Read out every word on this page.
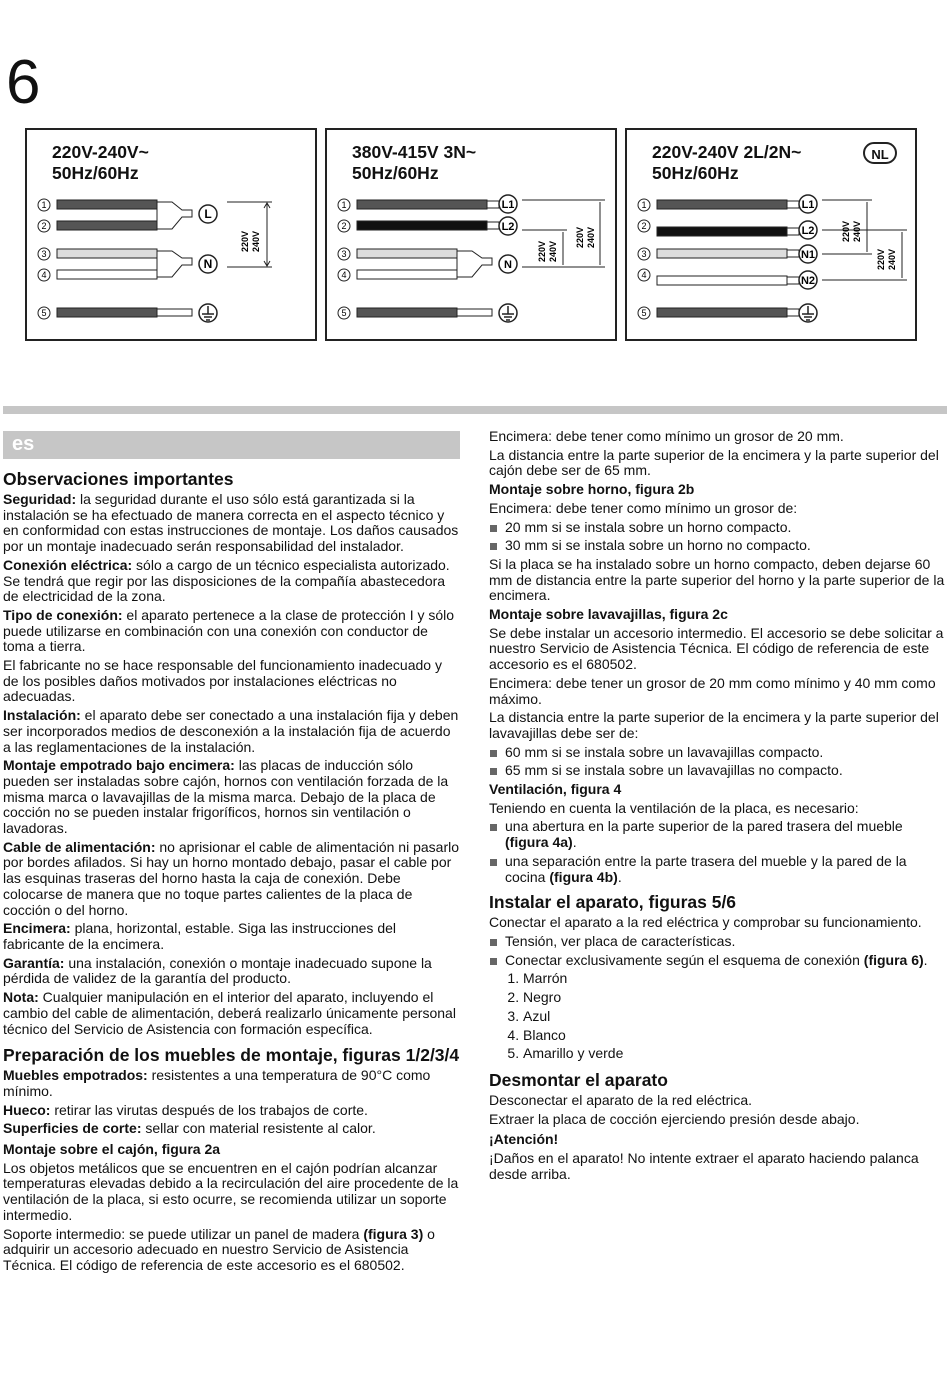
6
220V-240V~
50Hz/60Hz
1
2
3
4
5
L
N
220V 240V
380V-415V 3N~
50Hz/60Hz
1
2
3
4
5
L1
L2
N
220V 240V
220V 240V
220V-240V 2L/2N~
50Hz/60Hz
NL
1
2
3
4
5
L1
L2
N1
N2
220V 240V
220V 240V
es
Observaciones importantes

Seguridad: la seguridad durante el uso sólo está garantizada si la instalación se ha efectuado de manera correcta en el aspecto técnico y en conformidad con estas instrucciones de montaje. Los daños causados por un montaje inadecuado serán responsabilidad del instalador.

Conexión eléctrica: sólo a cargo de un técnico especialista autorizado. Se tendrá que regir por las disposiciones de la compañía abastecedora de electricidad de la zona.

Tipo de conexión: el aparato pertenece a la clase de protección I y sólo puede utilizarse en combinación con una conexión con conductor de toma a tierra.

El fabricante no se hace responsable del funcionamiento inadecuado y de los posibles daños motivados por instalaciones eléctricas no adecuadas.

Instalación: el aparato debe ser conectado a una instalación fija y deben ser incorporados medios de desconexión a la instalación fija de acuerdo a las reglamentaciones de la instalación.

Montaje empotrado bajo encimera: las placas de inducción sólo pueden ser instaladas sobre cajón, hornos con ventilación forzada de la misma marca o lavavajillas de la misma marca. Debajo de la placa de cocción no se pueden instalar frigoríficos, hornos sin ventilación o lavadoras.

Cable de alimentación: no aprisionar el cable de alimentación ni pasarlo por bordes afilados. Si hay un horno montado debajo, pasar el cable por las esquinas traseras del horno hasta la caja de conexión. Debe colocarse de manera que no toque partes calientes de la placa de cocción o del horno.

Encimera: plana, horizontal, estable. Siga las instrucciones del fabricante de la encimera.

Garantía: una instalación, conexión o montaje inadecuado supone la pérdida de validez de la garantía del producto.

Nota: Cualquier manipulación en el interior del aparato, incluyendo el cambio del cable de alimentación, deberá realizarlo únicamente personal técnico del Servicio de Asistencia con formación específica.

Preparación de los muebles de montaje, figuras 1/2/3/4

Muebles empotrados: resistentes a una temperatura de 90°C como mínimo.

Hueco: retirar las virutas después de los trabajos de corte.

Superficies de corte: sellar con material resistente al calor.

Montaje sobre el cajón, figura 2a

Los objetos metálicos que se encuentren en el cajón podrían alcanzar temperaturas elevadas debido a la recirculación del aire procedente de la ventilación de la placa, si esto ocurre, se recomienda utilizar un soporte intermedio.

Soporte intermedio: se puede utilizar un panel de madera (figura 3) o adquirir un accesorio adecuado en nuestro Servicio de Asistencia Técnica. El código de referencia de este accesorio es el 680502.

Encimera: debe tener como mínimo un grosor de 20 mm.

La distancia entre la parte superior de la encimera y la parte superior del cajón debe ser de 65 mm.

Montaje sobre horno, figura 2b

Encimera: debe tener como mínimo un grosor de:

20 mm si se instala sobre un horno compacto.
30 mm si se instala sobre un horno no compacto.

Si la placa se ha instalado sobre un horno compacto, deben dejarse 60 mm de distancia entre la parte superior del horno y la parte superior de la encimera.

Montaje sobre lavavajillas, figura 2c

Se debe instalar un accesorio intermedio. El accesorio se debe solicitar a nuestro Servicio de Asistencia Técnica. El código de referencia de este accesorio es el 680502.

Encimera: debe tener un grosor de 20 mm como mínimo y 40 mm como máximo.

La distancia entre la parte superior de la encimera y la parte superior del lavavajillas debe ser de:

60 mm si se instala sobre un lavavajillas compacto.
65 mm si se instala sobre un lavavajillas no compacto.
Ventilación, figura 4

Teniendo en cuenta la ventilación de la placa, es necesario:

una abertura en la parte superior de la pared trasera del mueble (figura 4a).
una separación entre la parte trasera del mueble y la pared de la cocina (figura 4b).
Instalar el aparato, figuras 5/6

Conectar el aparato a la red eléctrica y comprobar su funcionamiento.

Tensión, ver placa de características.
Conectar exclusivamente según el esquema de conexión (figura 6).
1. Marrón
2. Negro
3. Azul
4. Blanco
5. Amarillo y verde
Desmontar el aparato

Desconectar el aparato de la red eléctrica.

Extraer la placa de cocción ejerciendo presión desde abajo.

¡Atención!

¡Daños en el aparato! No intente extraer el aparato haciendo palanca desde arriba.
